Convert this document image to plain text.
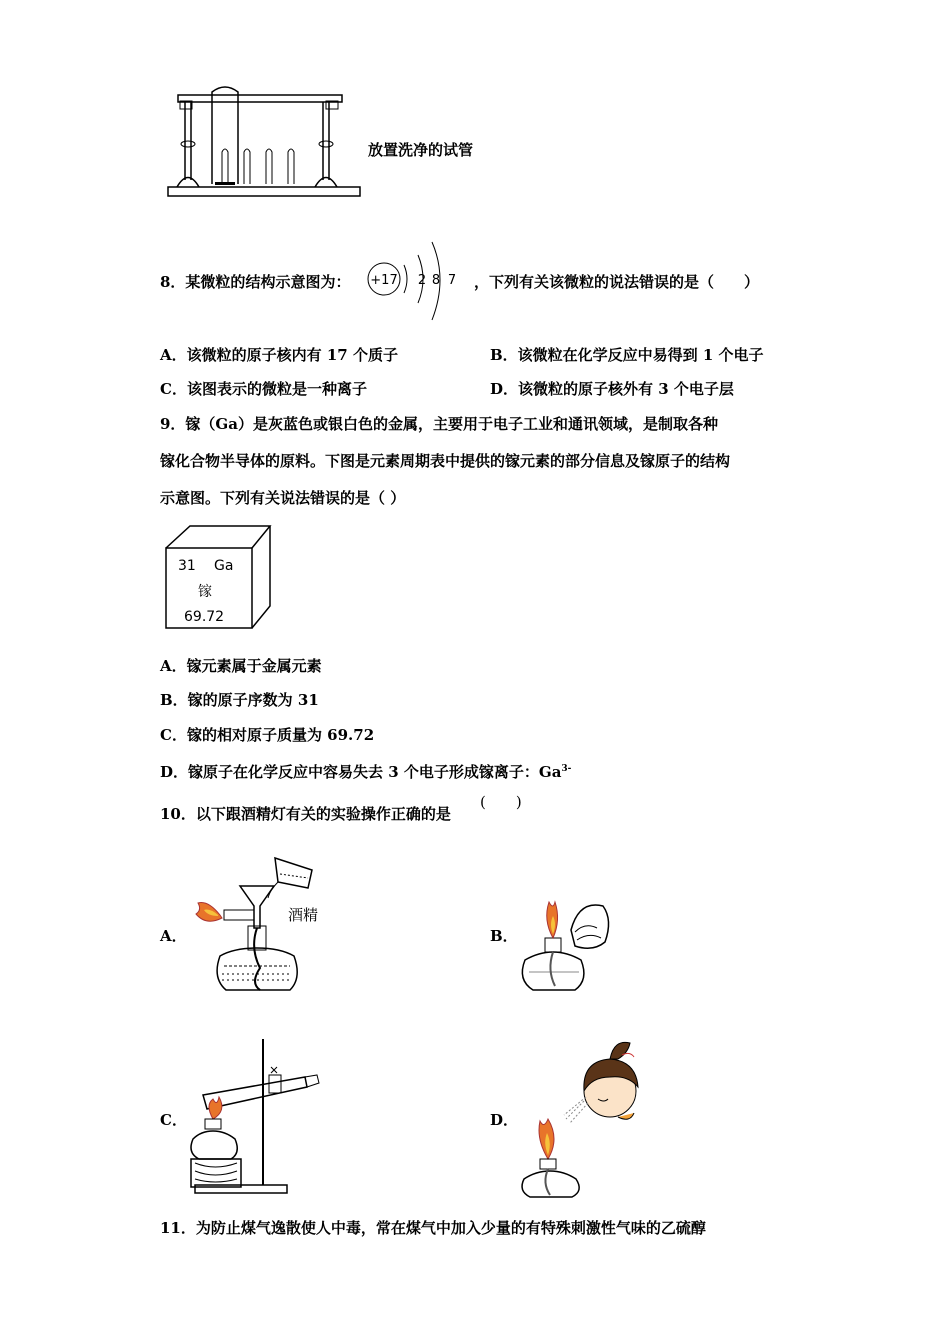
放置洗净的试管
8．某微粒的结构示意图为： +17 2 8 7 ，下列有关该微粒的说法错误的是（　　）
A．该微粒的原子核内有 17 个质子	B．该微粒在化学反应中易得到 1 个电子
C．该图表示的微粒是一种离子	D．该微粒的原子核外有 3 个电子层
9．镓（Ga）是灰蓝色或银白色的金属，主要用于电子工业和通讯领域，是制取各种
镓化合物半导体的原料。下图是元素周期表中提供的镓元素的部分信息及镓原子的结构
示意图。下列有关说法错误的是（ ）
31 Ga
镓
69.72
A．镓元素属于金属元素
B．镓的原子序数为 31
C．镓的相对原子质量为 69.72
D．镓原子在化学反应中容易失去 3 个电子形成镓离子：$Ga^{3-}$
10．以下跟酒精灯有关的实验操作正确的是
(　　)
A．
酒精
B．
C．	D．
11．为防止煤气逸散使人中毒，常在煤气中加入少量的有特殊刺激性气味的乙硫醇
